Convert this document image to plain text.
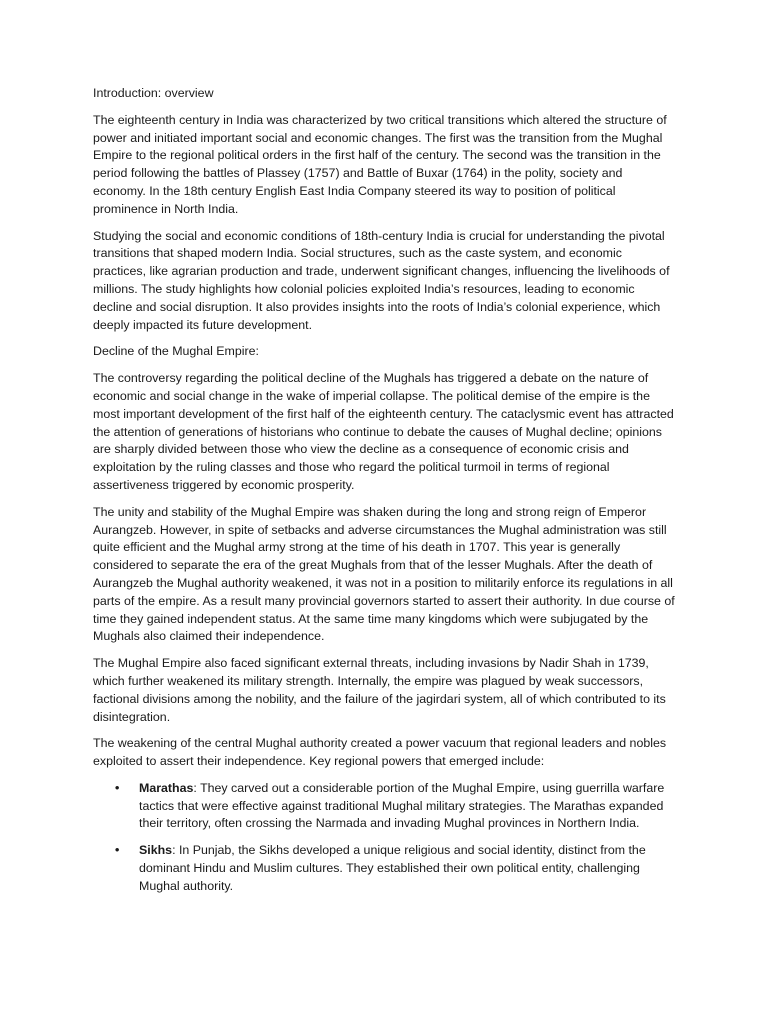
Introduction: overview

The eighteenth century in India was characterized by two critical transitions which altered the structure of power and initiated important social and economic changes. The first was the transition from the Mughal Empire to the regional political orders in the first half of the century. The second was the transition in the period following the battles of Plassey (1757) and Battle of Buxar (1764) in the polity, society and economy. In the 18th century English East India Company steered its way to position of political prominence in North India.

Studying the social and economic conditions of 18th-century India is crucial for understanding the pivotal transitions that shaped modern India. Social structures, such as the caste system, and economic practices, like agrarian production and trade, underwent significant changes, influencing the livelihoods of millions. The study highlights how colonial policies exploited India’s resources, leading to economic decline and social disruption. It also provides insights into the roots of India’s colonial experience, which deeply impacted its future development.

Decline of the Mughal Empire:

The controversy regarding the political decline of the Mughals has triggered a debate on the nature of economic and social change in the wake of imperial collapse. The political demise of the empire is the most important development of the first half of the eighteenth century. The cataclysmic event has attracted the attention of generations of historians who continue to debate the causes of Mughal decline; opinions are sharply divided between those who view the decline as a consequence of economic crisis and exploitation by the ruling classes and those who regard the political turmoil in terms of regional assertiveness triggered by economic prosperity.

The unity and stability of the Mughal Empire was shaken during the long and strong reign of Emperor Aurangzeb. However, in spite of setbacks and adverse circumstances the Mughal administration was still quite efficient and the Mughal army strong at the time of his death in 1707. This year is generally considered to separate the era of the great Mughals from that of the lesser Mughals. After the death of Aurangzeb the Mughal authority weakened, it was not in a position to militarily enforce its regulations in all parts of the empire. As a result many provincial governors started to assert their authority. In due course of time they gained independent status. At the same time many kingdoms which were subjugated by the Mughals also claimed their independence.

The Mughal Empire also faced significant external threats, including invasions by Nadir Shah in 1739, which further weakened its military strength. Internally, the empire was plagued by weak successors, factional divisions among the nobility, and the failure of the jagirdari system, all of which contributed to its disintegration.

The weakening of the central Mughal authority created a power vacuum that regional leaders and nobles exploited to assert their independence. Key regional powers that emerged include:

• Marathas: They carved out a considerable portion of the Mughal Empire, using guerrilla warfare tactics that were effective against traditional Mughal military strategies. The Marathas expanded their territory, often crossing the Narmada and invading Mughal provinces in Northern India.
• Sikhs: In Punjab, the Sikhs developed a unique religious and social identity, distinct from the dominant Hindu and Muslim cultures. They established their own political entity, challenging Mughal authority.
